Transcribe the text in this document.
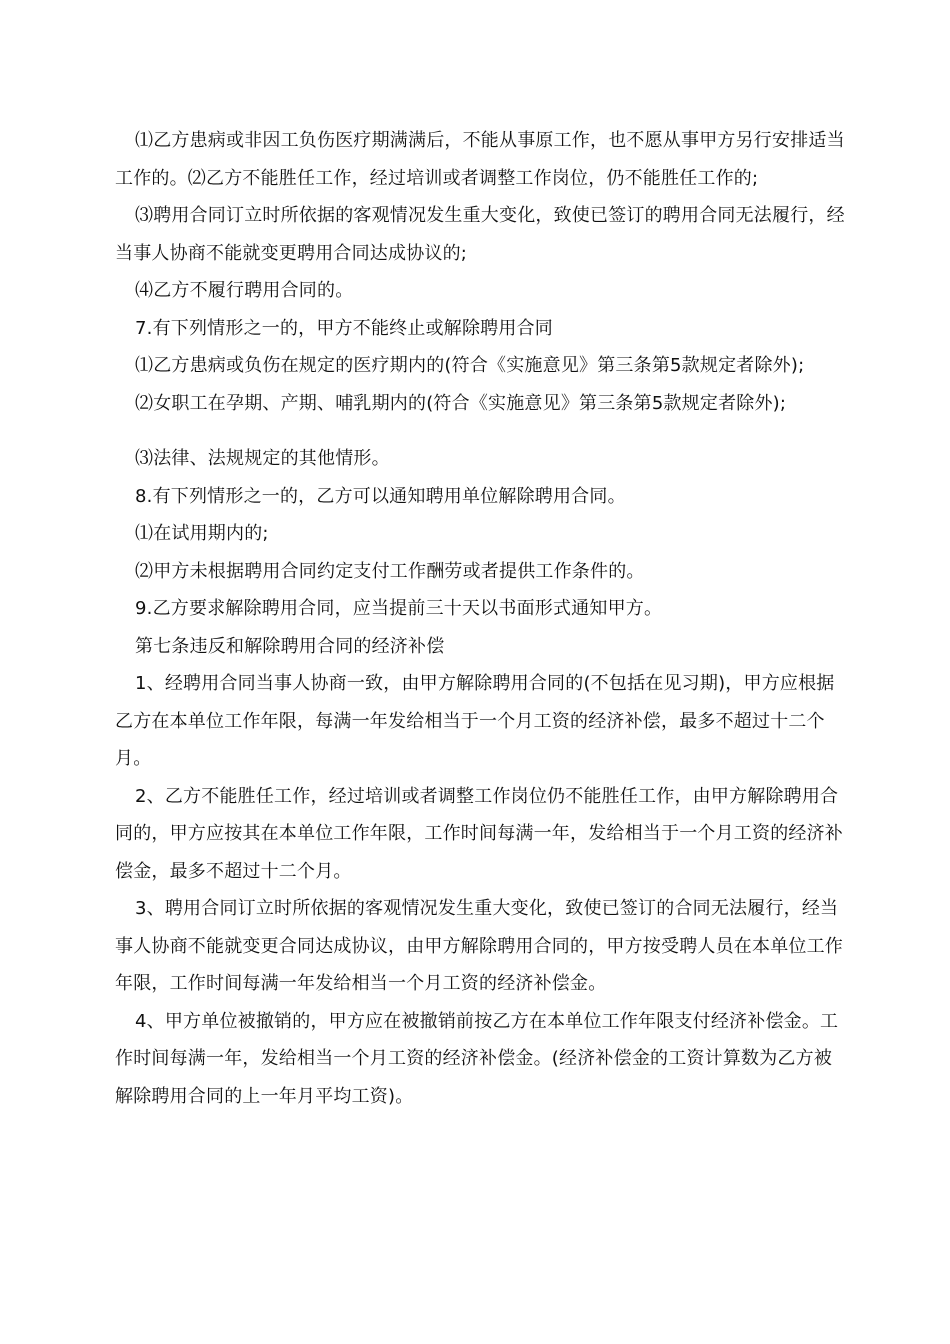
⑴乙方患病或非因工负伤医疗期满满后，不能从事原工作，也不愿从事甲方另行安排适当工作的。⑵乙方不能胜任工作，经过培训或者调整工作岗位，仍不能胜任工作的;

⑶聘用合同订立时所依据的客观情况发生重大变化，致使已签订的聘用合同无法履行，经当事人协商不能就变更聘用合同达成协议的;

⑷乙方不履行聘用合同的。

7.有下列情形之一的，甲方不能终止或解除聘用合同

⑴乙方患病或负伤在规定的医疗期内的(符合《实施意见》第三条第5款规定者除外);

⑵女职工在孕期、产期、哺乳期内的(符合《实施意见》第三条第5款规定者除外);

⑶法律、法规规定的其他情形。

8.有下列情形之一的，乙方可以通知聘用单位解除聘用合同。

⑴在试用期内的;

⑵甲方未根据聘用合同约定支付工作酬劳或者提供工作条件的。

9.乙方要求解除聘用合同，应当提前三十天以书面形式通知甲方。

第七条违反和解除聘用合同的经济补偿

1、经聘用合同当事人协商一致，由甲方解除聘用合同的(不包括在见习期)，甲方应根据乙方在本单位工作年限，每满一年发给相当于一个月工资的经济补偿，最多不超过十二个月。

2、乙方不能胜任工作，经过培训或者调整工作岗位仍不能胜任工作，由甲方解除聘用合同的，甲方应按其在本单位工作年限，工作时间每满一年，发给相当于一个月工资的经济补偿金，最多不超过十二个月。

3、聘用合同订立时所依据的客观情况发生重大变化，致使已签订的合同无法履行，经当事人协商不能就变更合同达成协议，由甲方解除聘用合同的，甲方按受聘人员在本单位工作年限，工作时间每满一年发给相当一个月工资的经济补偿金。

4、甲方单位被撤销的，甲方应在被撤销前按乙方在本单位工作年限支付经济补偿金。工作时间每满一年，发给相当一个月工资的经济补偿金。(经济补偿金的工资计算数为乙方被解除聘用合同的上一年月平均工资)。
